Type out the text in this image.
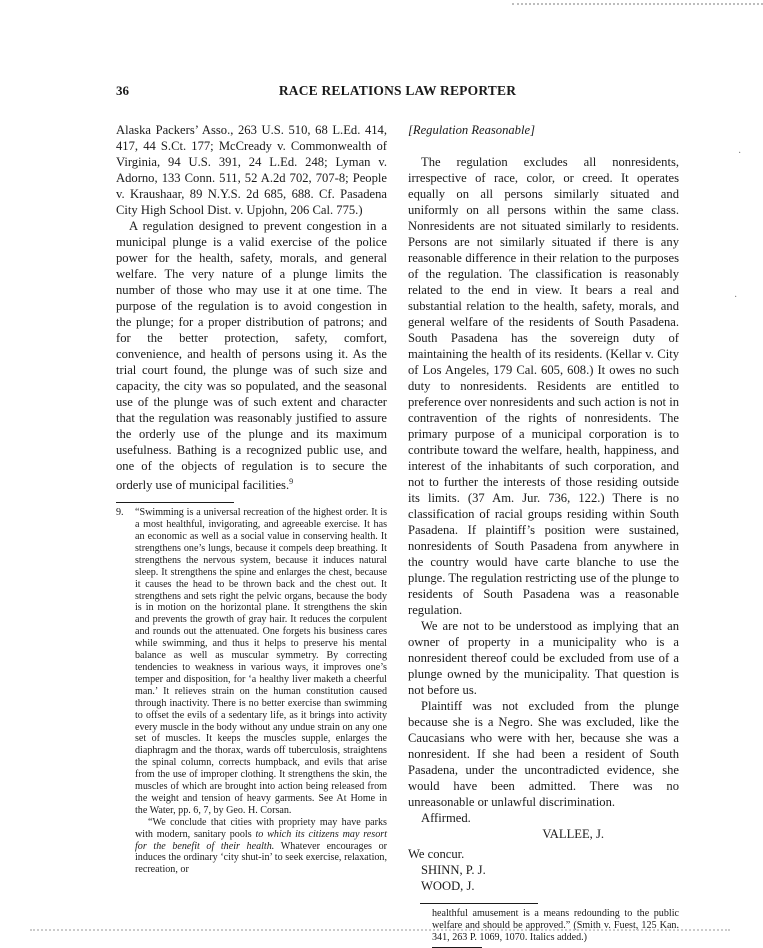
·
·
36	RACE RELATIONS LAW REPORTER

Alaska Packers’ Asso., 263 U.S. 510, 68 L.Ed. 414, 417, 44 S.Ct. 177; McCready v. Commonwealth of Virginia, 94 U.S. 391, 24 L.Ed. 248; Lyman v. Adorno, 133 Conn. 511, 52 A.2d 702, 707-8; People v. Kraushaar, 89 N.Y.S. 2d 685, 688. Cf. Pasadena City High School Dist. v. Upjohn, 206 Cal. 775.)

A regulation designed to prevent congestion in a municipal plunge is a valid exercise of the police power for the health, safety, morals, and general welfare. The very nature of a plunge limits the number of those who may use it at one time. The purpose of the regulation is to avoid congestion in the plunge; for a proper distribution of patrons; and for the better protection, safety, comfort, convenience, and health of persons using it. As the trial court found, the plunge was of such size and capacity, the city was so populated, and the seasonal use of the plunge was of such extent and character that the regulation was reasonably justified to assure the orderly use of the plunge and its maximum usefulness. Bathing is a recognized public use, and one of the objects of regulation is to secure the orderly use of municipal facilities.$^9$

9.	“Swimming is a universal recreation of the highest order. It is a most healthful, invigorating, and agreeable exercise. It has an economic as well as a social value in conserving health. It strengthens one’s lungs, because it compels deep breathing. It strengthens the nervous system, because it induces natural sleep. It strengthens the spine and enlarges the chest, because it causes the head to be thrown back and the chest out. It strengthens and sets right the pelvic organs, because the body is in motion on the horizontal plane. It strengthens the skin and prevents the growth of gray hair. It reduces the corpulent and rounds out the attenuated. One forgets his business cares while swimming, and thus it helps to preserve his mental balance as well as muscular symmetry. By correcting tendencies to weakness in various ways, it improves one’s temper and disposition, for ‘a healthy liver maketh a cheerful man.’ It relieves strain on the human constitution caused through inactivity. There is no better exercise than swimming to offset the evils of a sedentary life, as it brings into activity every muscle in the body without any undue strain on any one set of muscles. It keeps the muscles supple, enlarges the diaphragm and the thorax, wards off tuberculosis, straightens the spinal column, corrects humpback, and evils that arise from the use of improper clothing. It strengthens the skin, the muscles of which are brought into action being released from the weight and tension of heavy garments. See At Home in the Water, pp. 6, 7, by Geo. H. Corsan.
“We conclude that cities with propriety may have parks with modern, sanitary pools to which its citizens may resort for the benefit of their health. Whatever encourages or induces the ordinary ‘city shut-in’ to seek exercise, relaxation, recreation, or

[Regulation Reasonable]

The regulation excludes all nonresidents, irrespective of race, color, or creed. It operates equally on all persons similarly situated and uniformly on all persons within the same class. Nonresidents are not situated similarly to residents. Persons are not similarly situated if there is any reasonable difference in their relation to the purposes of the regulation. The classification is reasonably related to the end in view. It bears a real and substantial relation to the health, safety, morals, and general welfare of the residents of South Pasadena. South Pasadena has the sovereign duty of maintaining the health of its residents. (Kellar v. City of Los Angeles, 179 Cal. 605, 608.) It owes no such duty to nonresidents. Residents are entitled to preference over nonresidents and such action is not in contravention of the rights of nonresidents. The primary purpose of a municipal corporation is to contribute toward the welfare, health, happiness, and interest of the inhabitants of such corporation, and not to further the interests of those residing outside its limits. (37 Am. Jur. 736, 122.) There is no classification of racial groups residing within South Pasadena. If plaintiff’s position were sustained, nonresidents of South Pasadena from anywhere in the country would have carte blanche to use the plunge. The regulation restricting use of the plunge to residents of South Pasadena was a reasonable regulation.

We are not to be understood as implying that an owner of property in a municipality who is a nonresident thereof could be excluded from use of a plunge owned by the municipality. That question is not before us.

Plaintiff was not excluded from the plunge because she is a Negro. She was excluded, like the Caucasians who were with her, because she was a nonresident. If she had been a resident of South Pasadena, under the uncontradicted evidence, she would have been admitted. There was no unreasonable or unlawful discrimination.

Affirmed.

VALLEE, J.

We concur.

SHINN, P. J.

WOOD, J.

healthful amusement is a means redounding to the public welfare and should be approved.” (Smith v. Fuest, 125 Kan. 341, 263 P. 1069, 1070. Italics added.)
